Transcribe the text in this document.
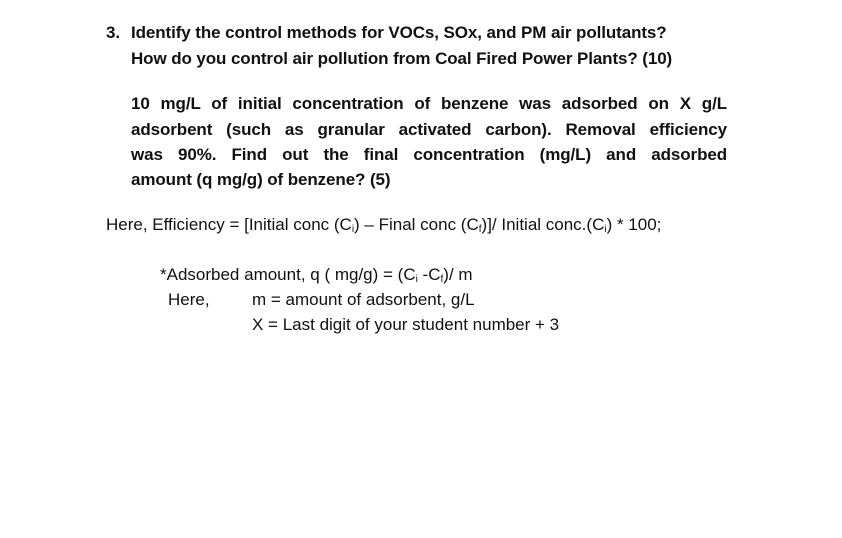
3. Identify the control methods for VOCs, SOx, and PM air pollutants?
How do you control air pollution from Coal Fired Power Plants? (10)
10 mg/L of initial concentration of benzene was adsorbed on X g/L
adsorbent (such as granular activated carbon). Removal efficiency
was 90%. Find out the final concentration (mg/L) and adsorbed
amount (q mg/g) of benzene? (5)
Here, Efficiency = [Initial conc $(C_i)$ – Final conc $(C_f)]/$ Initial $conc.(C_i) * 100$;
*Adsorbed amount, q ( $mg/g) = (C_i$ $-C_f)/$ m
Here, m = amount of adsorbent, g/L
X = Last digit of your student number + 3
